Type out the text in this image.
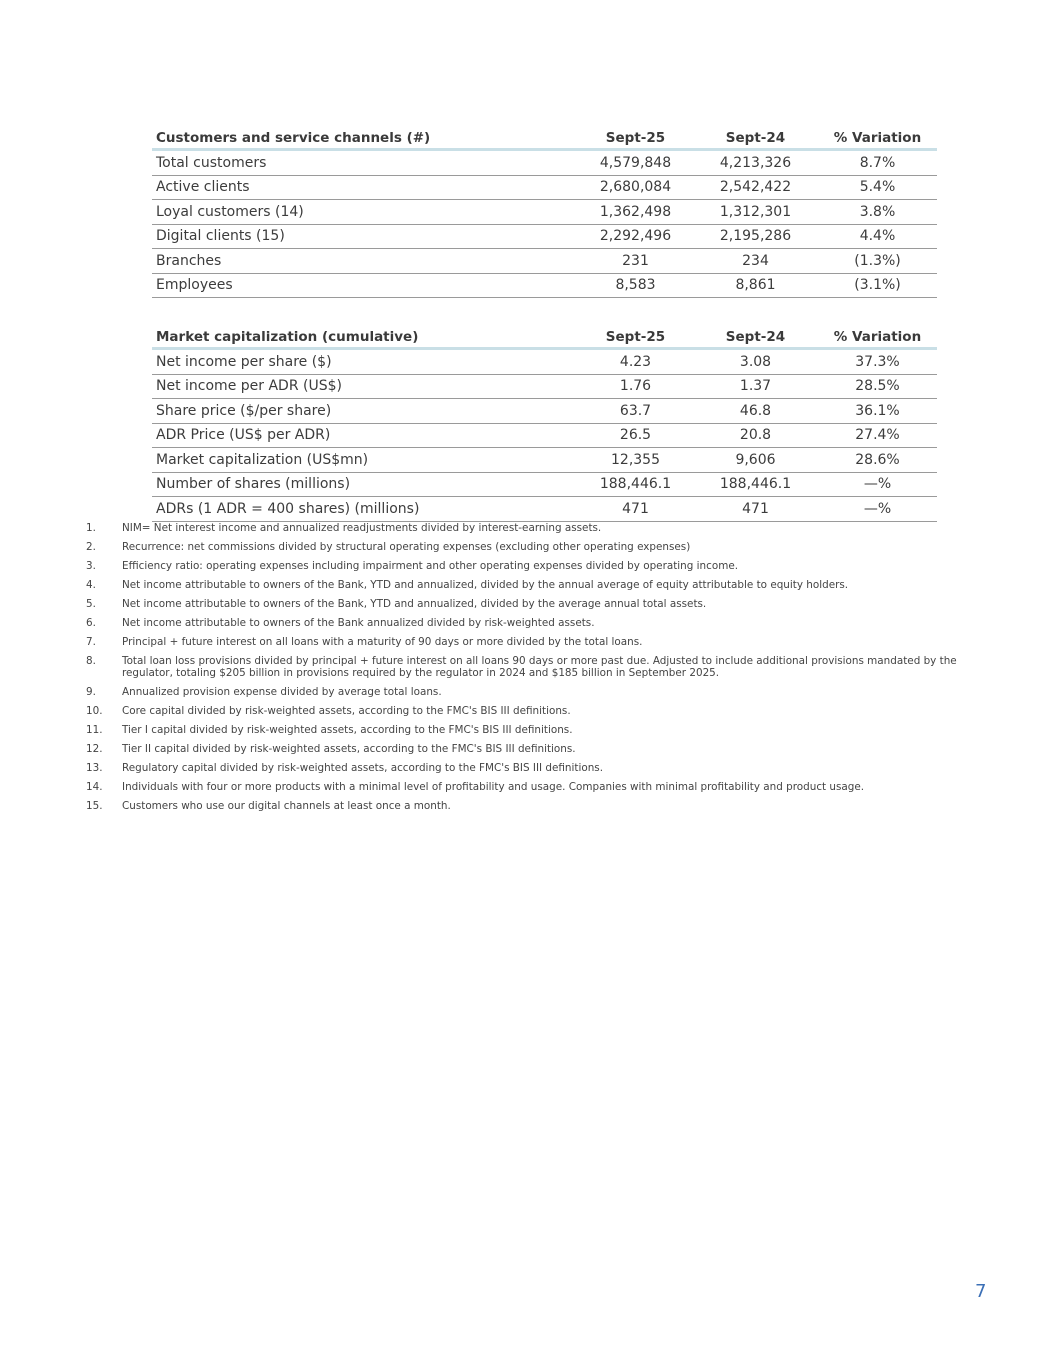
Customers and service channels (#)	Sept-25	Sept-24	% Variation
Total customers	4,579,848	4,213,326	8.7%
Active clients	2,680,084	2,542,422	5.4%
Loyal customers (14)	1,362,498	1,312,301	3.8%
Digital clients (15)	2,292,496	2,195,286	4.4%
Branches	231	234	(1.3%)
Employees	8,583	8,861	(3.1%)
Market capitalization (cumulative)	Sept-25	Sept-24	% Variation
Net income per share ($)	4.23	3.08	37.3%
Net income per ADR (US$)	1.76	1.37	28.5%
Share price ($/per share)	63.7	46.8	36.1%
ADR Price (US$ per ADR)	26.5	20.8	27.4%
Market capitalization (US$mn)	12,355	9,606	28.6%
Number of shares (millions)	188,446.1	188,446.1	—%
ADRs (1 ADR = 400 shares) (millions)	471	471	—%
1.	NIM= Net interest income and annualized readjustments divided by interest-earning assets.
2.	Recurrence: net commissions divided by structural operating expenses (excluding other operating expenses)
3.	Efficiency ratio: operating expenses including impairment and other operating expenses divided by operating income.
4.	Net income attributable to owners of the Bank, YTD and annualized, divided by the annual average of equity attributable to equity holders.
5.	Net income attributable to owners of the Bank, YTD and annualized, divided by the average annual total assets.
6.	Net income attributable to owners of the Bank annualized divided by risk-weighted assets.
7.	Principal + future interest on all loans with a maturity of 90 days or more divided by the total loans.
8.	Total loan loss provisions divided by principal + future interest on all loans 90 days or more past due. Adjusted to include additional provisions mandated by the regulator, totaling $205 billion in provisions required by the regulator in 2024 and $185 billion in September 2025.
9.	Annualized provision expense divided by average total loans.
10.	Core capital divided by risk-weighted assets, according to the FMC's BIS III definitions.
11.	Tier I capital divided by risk-weighted assets, according to the FMC's BIS III definitions.
12.	Tier II capital divided by risk-weighted assets, according to the FMC's BIS III definitions.
13.	Regulatory capital divided by risk-weighted assets, according to the FMC's BIS III definitions.
14.	Individuals with four or more products with a minimal level of profitability and usage. Companies with minimal profitability and product usage.
15.	Customers who use our digital channels at least once a month.
7
